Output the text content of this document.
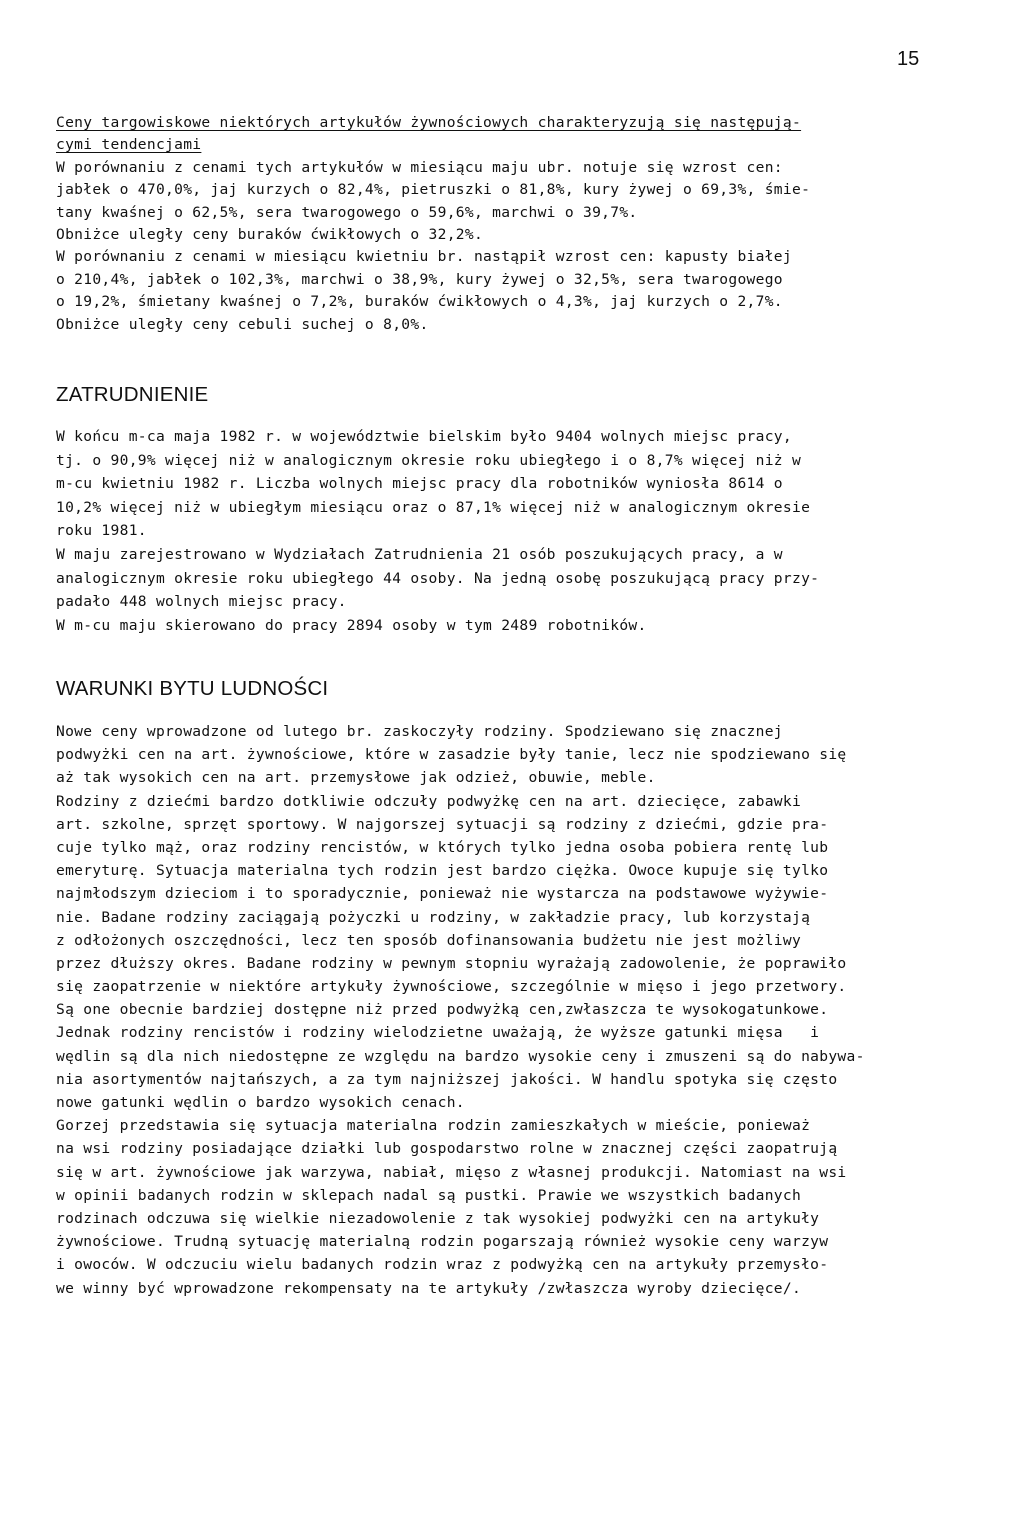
15
Ceny targowiskowe niektórych artykułów żywnościowych charakteryzują się następują-
cymi tendencjami
W porównaniu z cenami tych artykułów w miesiącu maju ubr. notuje się wzrost cen:
jabłek o 470,0%, jaj kurzych o 82,4%, pietruszki o 81,8%, kury żywej o 69,3%, śmie-
tany kwaśnej o 62,5%, sera twarogowego o 59,6%, marchwi o 39,7%.
Obniżce uległy ceny buraków ćwikłowych o 32,2%.
W porównaniu z cenami w miesiącu kwietniu br. nastąpił wzrost cen: kapusty białej
o 210,4%, jabłek o 102,3%, marchwi o 38,9%, kury żywej o 32,5%, sera twarogowego
o 19,2%, śmietany kwaśnej o 7,2%, buraków ćwikłowych o 4,3%, jaj kurzych o 2,7%.
Obniżce uległy ceny cebuli suchej o 8,0%.
ZATRUDNIENIE
W końcu m-ca maja 1982 r. w województwie bielskim było 9404 wolnych miejsc pracy,
tj. o 90,9% więcej niż w analogicznym okresie roku ubiegłego i o 8,7% więcej niż w
m-cu kwietniu 1982 r. Liczba wolnych miejsc pracy dla robotników wyniosła 8614 o
10,2% więcej niż w ubiegłym miesiącu oraz o 87,1% więcej niż w analogicznym okresie
roku 1981.
W maju zarejestrowano w Wydziałach Zatrudnienia 21 osób poszukujących pracy, a w
analogicznym okresie roku ubiegłego 44 osoby. Na jedną osobę poszukującą pracy przy-
padało 448 wolnych miejsc pracy.
W m-cu maju skierowano do pracy 2894 osoby w tym 2489 robotników.
WARUNKI BYTU LUDNOŚCI
Nowe ceny wprowadzone od lutego br. zaskoczyły rodziny. Spodziewano się znacznej
podwyżki cen na art. żywnościowe, które w zasadzie były tanie, lecz nie spodziewano się
aż tak wysokich cen na art. przemysłowe jak odzież, obuwie, meble.
Rodziny z dziećmi bardzo dotkliwie odczuły podwyżkę cen na art. dziecięce, zabawki
art. szkolne, sprzęt sportowy. W najgorszej sytuacji są rodziny z dziećmi, gdzie pra-
cuje tylko mąż, oraz rodziny rencistów, w których tylko jedna osoba pobiera rentę lub
emeryturę. Sytuacja materialna tych rodzin jest bardzo ciężka. Owoce kupuje się tylko
najmłodszym dzieciom i to sporadycznie, ponieważ nie wystarcza na podstawowe wyżywie-
nie. Badane rodziny zaciągają pożyczki u rodziny, w zakładzie pracy, lub korzystają
z odłożonych oszczędności, lecz ten sposób dofinansowania budżetu nie jest możliwy
przez dłuższy okres. Badane rodziny w pewnym stopniu wyrażają zadowolenie, że poprawiło
się zaopatrzenie w niektóre artykuły żywnościowe, szczególnie w mięso i jego przetwory.
Są one obecnie bardziej dostępne niż przed podwyżką cen,zwłaszcza te wysokogatunkowe.
Jednak rodziny rencistów i rodziny wielodzietne uważają, że wyższe gatunki mięsa   i
wędlin są dla nich niedostępne ze względu na bardzo wysokie ceny i zmuszeni są do nabywa-
nia asortymentów najtańszych, a za tym najniższej jakości. W handlu spotyka się często
nowe gatunki wędlin o bardzo wysokich cenach.
Gorzej przedstawia się sytuacja materialna rodzin zamieszkałych w mieście, ponieważ
na wsi rodziny posiadające działki lub gospodarstwo rolne w znacznej części zaopatrują
się w art. żywnościowe jak warzywa, nabiał, mięso z własnej produkcji. Natomiast na wsi
w opinii badanych rodzin w sklepach nadal są pustki. Prawie we wszystkich badanych
rodzinach odczuwa się wielkie niezadowolenie z tak wysokiej podwyżki cen na artykuły
żywnościowe. Trudną sytuację materialną rodzin pogarszają również wysokie ceny warzyw
i owoców. W odczuciu wielu badanych rodzin wraz z podwyżką cen na artykuły przemysło-
we winny być wprowadzone rekompensaty na te artykuły /zwłaszcza wyroby dziecięce/.
